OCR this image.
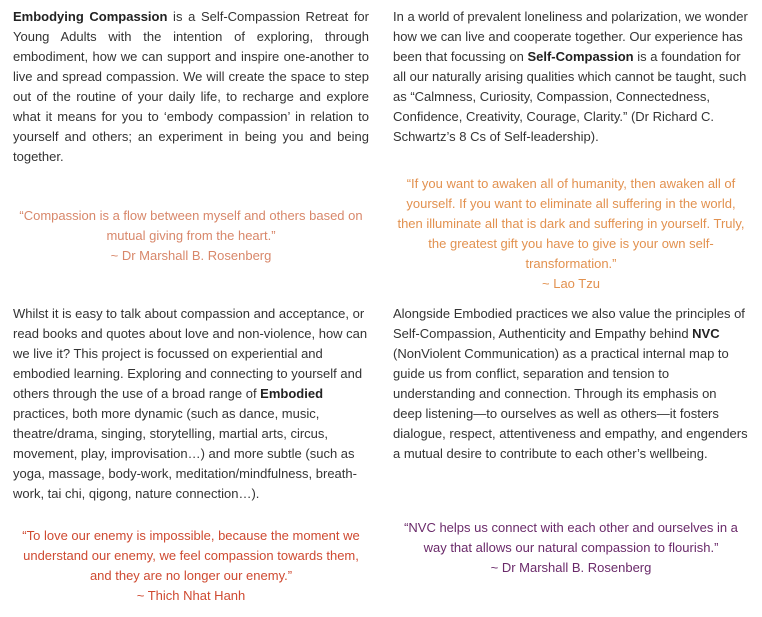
Embodying Compassion is a Self-Compassion Retreat for Young Adults with the intention of exploring, through embodiment, how we can support and inspire one-another to live and spread compassion. We will create the space to step out of the routine of your daily life, to recharge and explore what it means for you to ‘embody compassion’ in relation to yourself and others; an experiment in being you and being together.

In a world of prevalent loneliness and polarization, we wonder how we can live and cooperate together. Our experience has been that focussing on Self-Compassion is a foundation for all our naturally arising qualities which cannot be taught, such as “Calmness, Curiosity, Compassion, Connectedness, Confidence, Creativity, Courage, Clarity.” (Dr Richard C. Schwartz’s 8 Cs of Self-leadership).

“Compassion is a flow between myself and others based on mutual giving from the heart.”

~ Dr Marshall B. Rosenberg

“If you want to awaken all of humanity, then awaken all of yourself. If you want to eliminate all suffering in the world, then illuminate all that is dark and suffering in yourself. Truly, the greatest gift you have to give is your own self-transformation.”

~ Lao Tzu

Whilst it is easy to talk about compassion and acceptance, or read books and quotes about love and non-violence, how can we live it? This project is focussed on experiential and embodied learning. Exploring and connecting to yourself and others through the use of a broad range of Embodied practices, both more dynamic (such as dance, music, theatre/drama, singing, storytelling, martial arts, circus, movement, play, improvisation…) and more subtle (such as yoga, massage, body-work, meditation/mindfulness, breath-work, tai chi, qigong, nature connection…).

Alongside Embodied practices we also value the principles of Self-Compassion, Authenticity and Empathy behind NVC (NonViolent Communication) as a practical internal map to guide us from conflict, separation and tension to understanding and connection. Through its emphasis on deep listening—to ourselves as well as others—it fosters dialogue, respect, attentiveness and empathy, and engenders a mutual desire to contribute to each other’s wellbeing.

“To love our enemy is impossible, because the moment we understand our enemy, we feel compassion towards them, and they are no longer our enemy.”

~ Thich Nhat Hanh

“NVC helps us connect with each other and ourselves in a way that allows our natural compassion to flourish.”

~ Dr Marshall B. Rosenberg
